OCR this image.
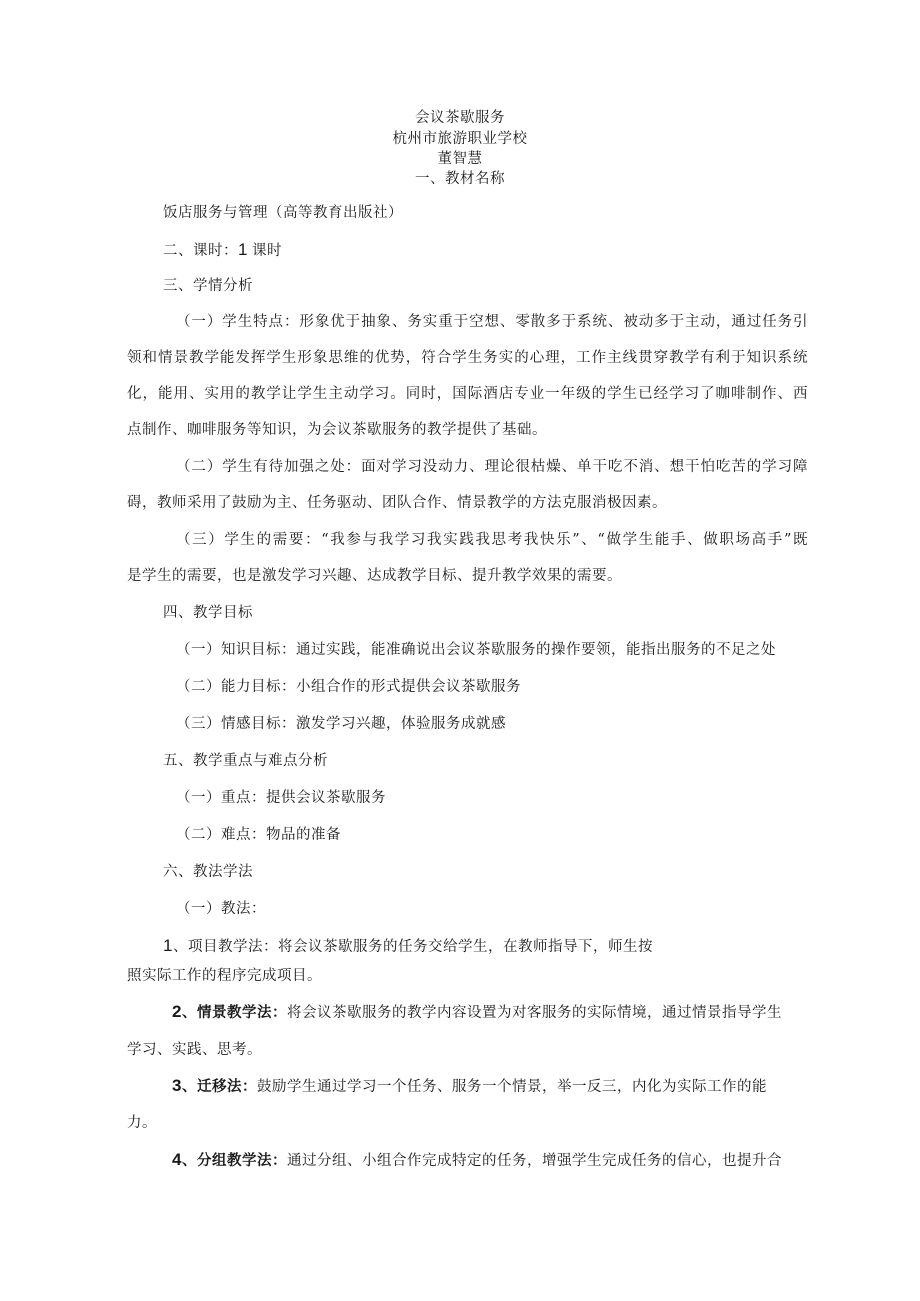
会议茶歇服务
杭州市旅游职业学校
董智慧
一、教材名称
饭店服务与管理（高等教育出版社）
二、课时：1 课时
三、学情分析
（一）学生特点：形象优于抽象、务实重于空想、零散多于系统、被动多于主动，通过任务引
领和情景教学能发挥学生形象思维的优势，符合学生务实的心理，工作主线贯穿教学有利于知识系统
化，能用、实用的教学让学生主动学习。同时，国际酒店专业一年级的学生已经学习了咖啡制作、西
点制作、咖啡服务等知识，为会议茶歇服务的教学提供了基础。
（二）学生有待加强之处：面对学习没动力、理论很枯燥、单干吃不消、想干怕吃苦的学习障
碍，教师采用了鼓励为主、任务驱动、团队合作、情景教学的方法克服消极因素。
（三）学生的需要：“我参与我学习我实践我思考我快乐”、“做学生能手、做职场高手”既
是学生的需要，也是激发学习兴趣、达成教学目标、提升教学效果的需要。
四、教学目标
（一）知识目标：通过实践，能准确说出会议茶歇服务的操作要领，能指出服务的不足之处
（二）能力目标：小组合作的形式提供会议茶歇服务
（三）情感目标：激发学习兴趣，体验服务成就感
五、教学重点与难点分析
（一）重点：提供会议茶歇服务
（二）难点：物品的准备
六、教法学法
（一）教法：
1、项目教学法：将会议茶歇服务的任务交给学生，在教师指导下，师生按
照实际工作的程序完成项目。
2、情景教学法：将会议茶歇服务的教学内容设置为对客服务的实际情境，通过情景指导学生
学习、实践、思考。
3、迁移法：鼓励学生通过学习一个任务、服务一个情景，举一反三，内化为实际工作的能
力。
4、分组教学法：通过分组、小组合作完成特定的任务，增强学生完成任务的信心，也提升合
